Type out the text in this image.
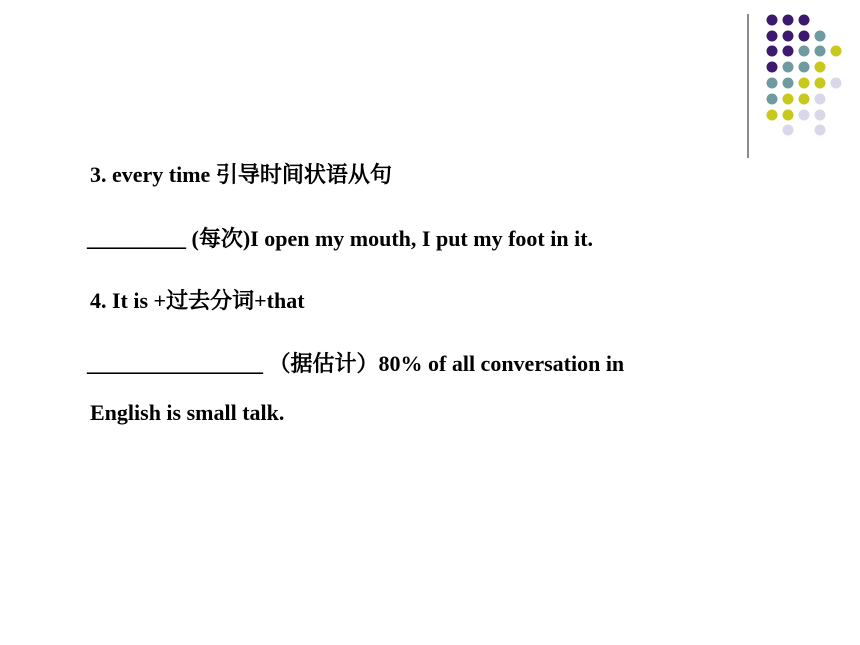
3. every time 引导时间状语从句
_________ (每次)I open my mouth, I put my foot in it.
4. It is +过去分词+that
________________ （据估计）80% of all conversation in
English is small talk.
